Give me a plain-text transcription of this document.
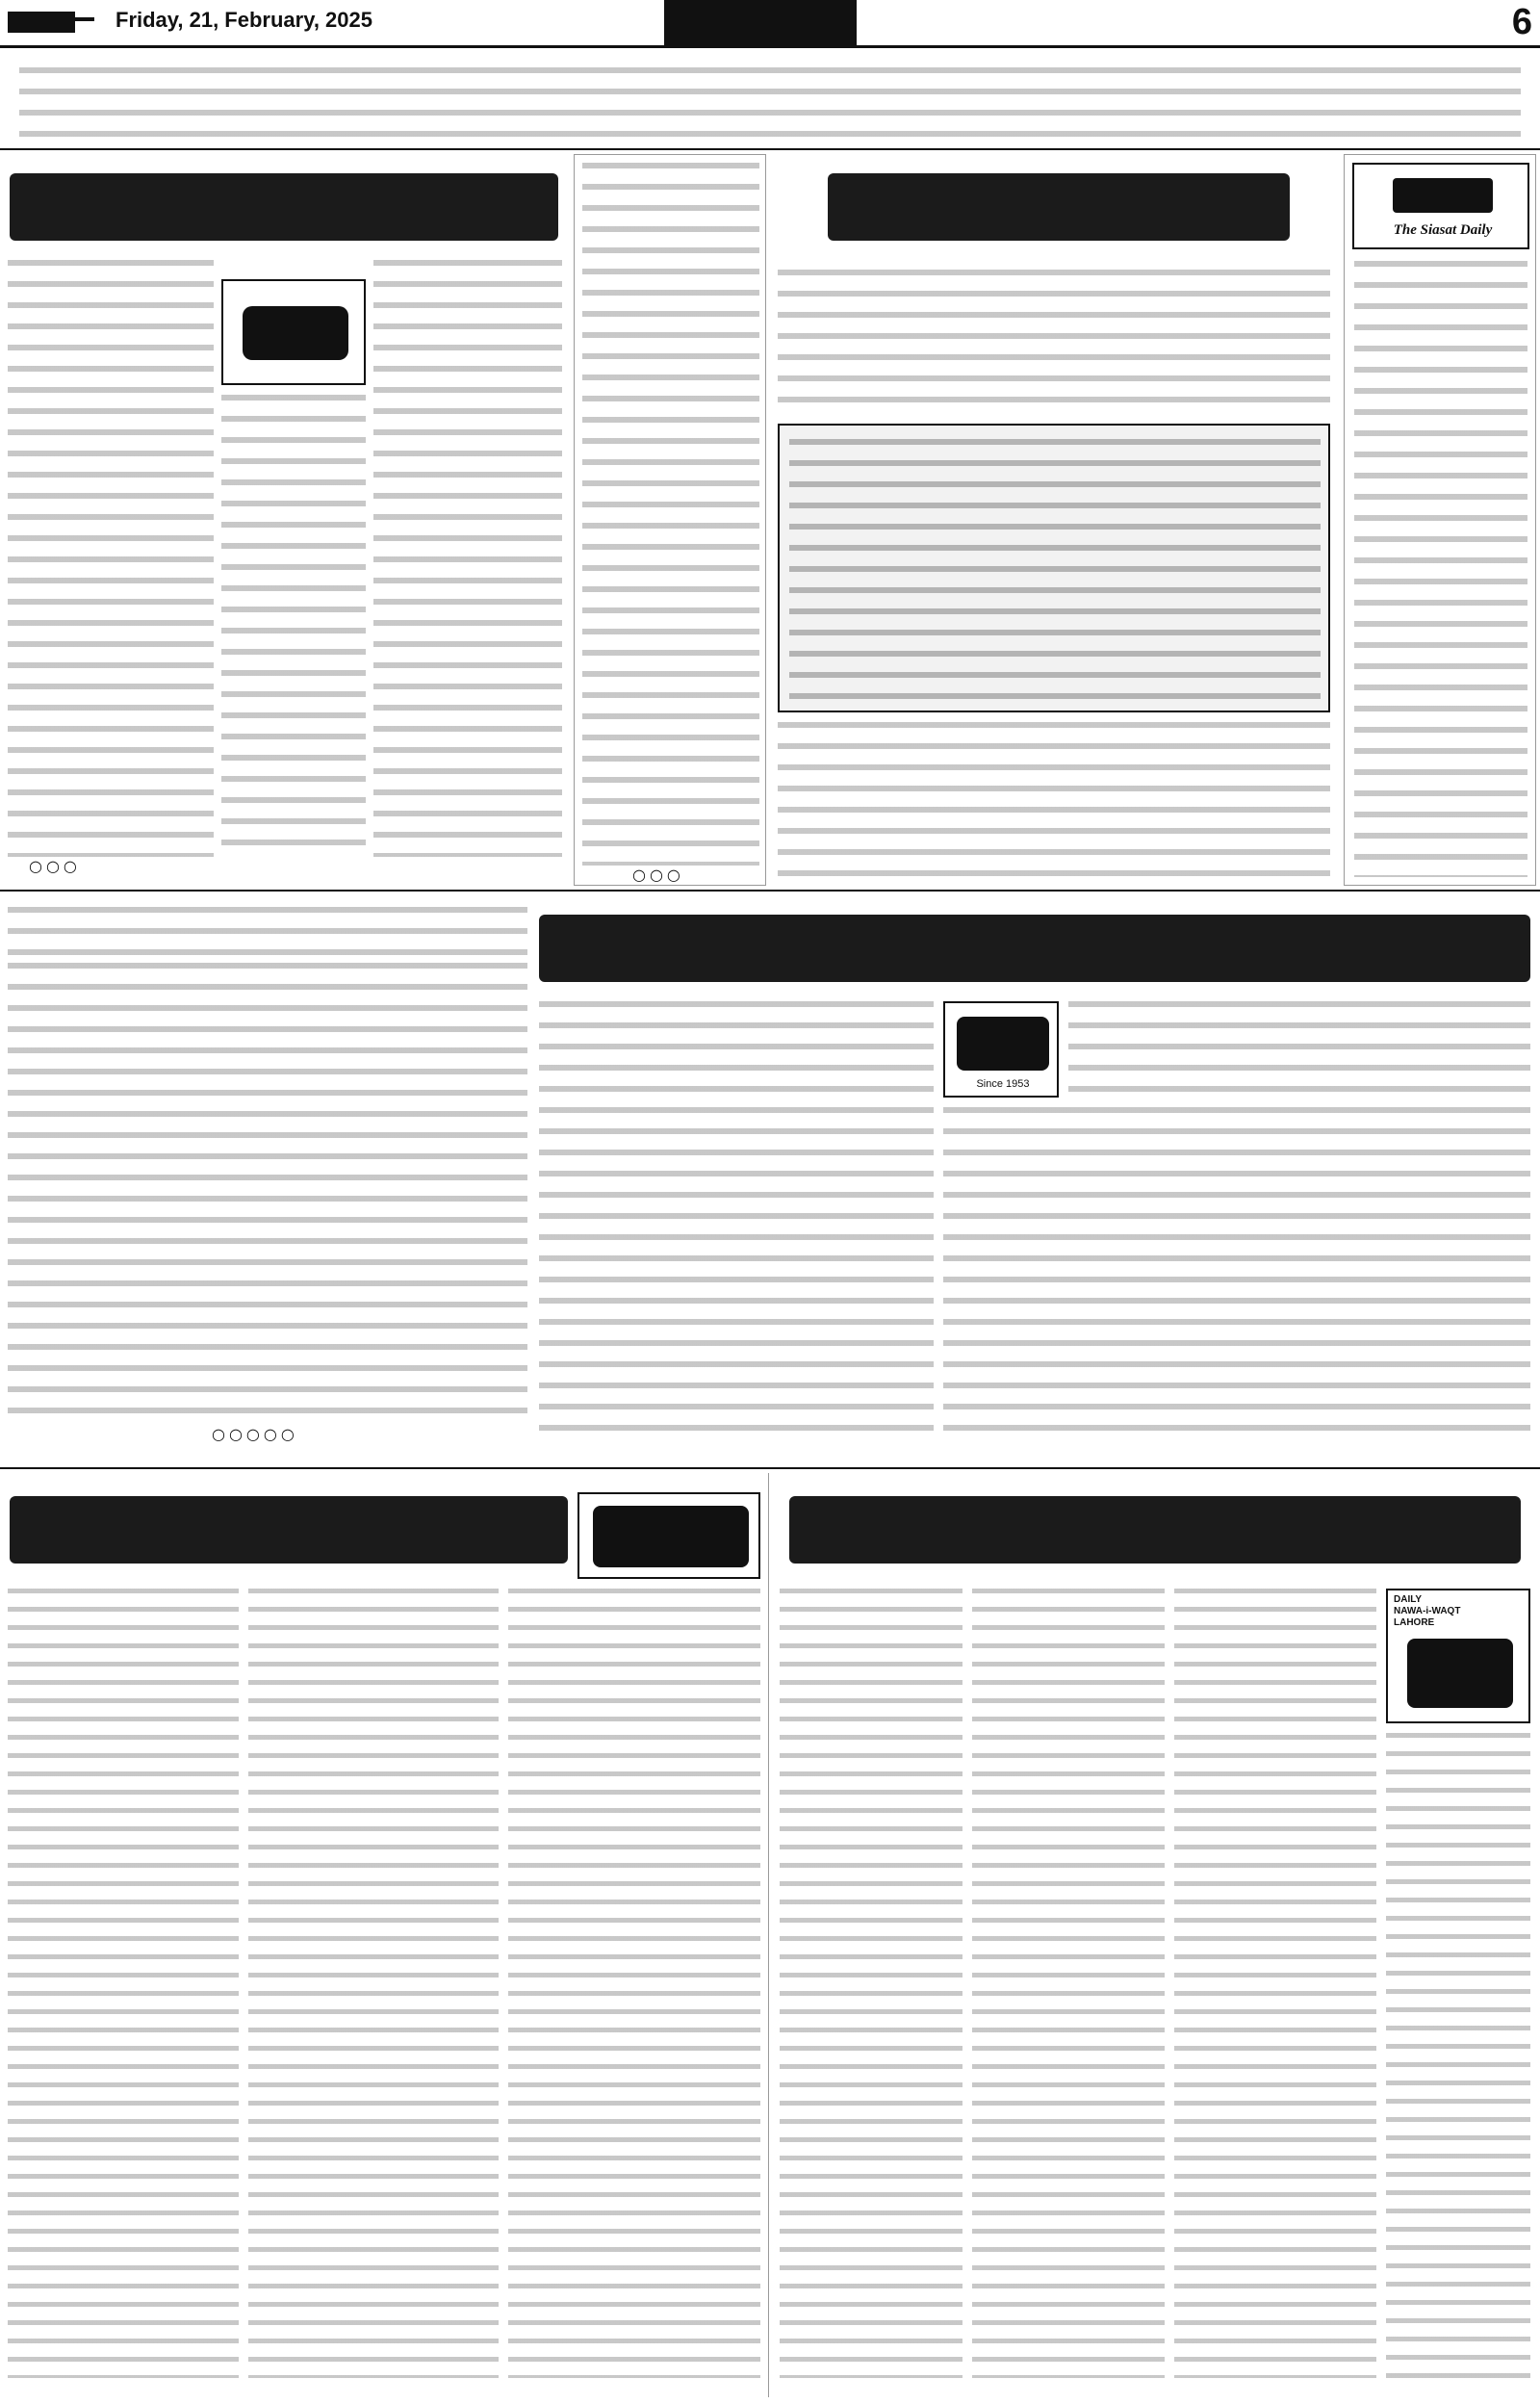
Friday, 21, February, 2025	6
The Siasat Daily
○○○
○○○
○○○○○
Since 1953
DAILY
NAWA-i-WAQT
LAHORE
